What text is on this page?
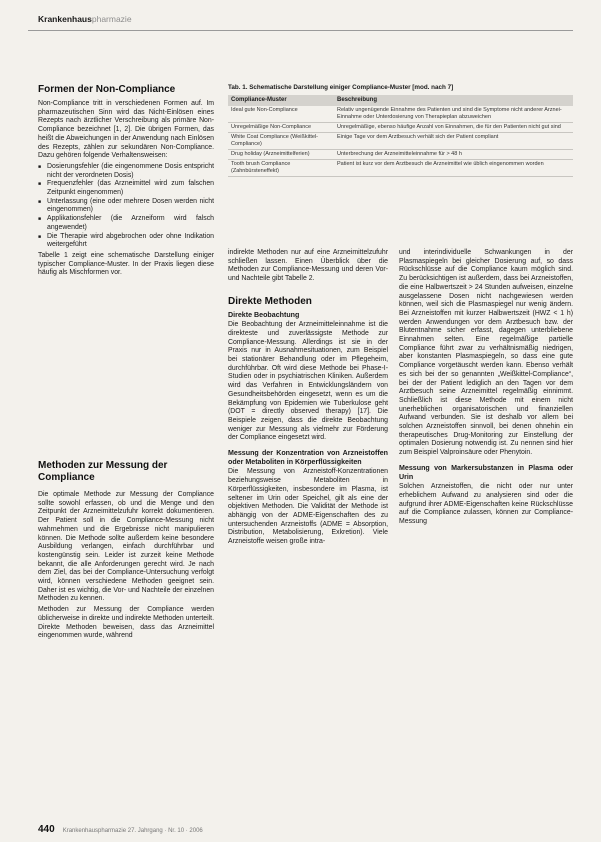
Krankenhauspharmazie
Formen der Non-Compliance

Non-Compliance tritt in verschiedenen Formen auf. Im pharmazeutischen Sinn wird das Nicht-Einlösen eines Rezepts nach ärztlicher Verschreibung als primäre Non-Compliance bezeichnet [1, 2]. Die übrigen Formen, das heißt die Abweichungen in der Anwendung nach Einlösen des Rezepts, zählen zur sekundären Non-Compliance. Dazu gehören folgende Verhaltensweisen:

■ Dosierungsfehler (die eingenommene Dosis entspricht nicht der verordneten Dosis)
■ Frequenzfehler (das Arzneimittel wird zum falschen Zeitpunkt eingenommen)
■ Unterlassung (eine oder mehrere Dosen werden nicht eingenommen)
■ Applikationsfehler (die Arzneiform wird falsch angewendet)
■ Die Therapie wird abgebrochen oder ohne Indikation weitergeführt

Tabelle 1 zeigt eine schematische Darstellung einiger typischer Compliance-Muster. In der Praxis liegen diese häufig als Mischformen vor.

Methoden zur Messung der Compliance

Die optimale Methode zur Messung der Compliance sollte sowohl erfassen, ob und die Menge und den Zeitpunkt der Arzneimittelzufuhr korrekt dokumentieren. Der Patient soll in die Compliance-Messung nicht wahrnehmen und die Ergebnisse nicht manipulieren können. Die Methode sollte außerdem keine besondere Ausbildung verlangen, einfach durchführbar und kostengünstig sein. Leider ist zurzeit keine Methode bekannt, die alle Anforderungen gerecht wird. Je nach dem Ziel, das bei der Compliance-Untersuchung verfolgt wird, können verschiedene Methoden geeignet sein. Daher ist es wichtig, die Vor- und Nachteile der einzelnen Methoden zu kennen.

Methoden zur Messung der Compliance werden üblicherweise in direkte und indirekte Methoden unterteilt. Direkte Methoden beweisen, dass das Arzneimittel eingenommen wurde, während

Tab. 1. Schematische Darstellung einiger Compliance-Muster [mod. nach 7]
Compliance-Muster	Beschreibung
Ideal gute Non-Compliance	Relativ ungenügende Einnahme des Patienten und sind die Symptome nicht anderer Arznei-Einnahme oder Unterdosierung von Therapieplan abzuweichen
Unregelmäßige Non-Compliance	Unregelmäßige, ebenso häufige Anzahl von Einnahmen, die für den Patienten nicht gut sind
White Coat Compliance (Weißkittel-Compliance)	Einige Tage vor dem Arztbesuch verhält sich der Patient compliant
Drug holiday (Arzneimittelferien)	Unterbrechung der Arzneimitteleinnahme für > 48 h
Tooth brush Compliance (Zahnbürsteneffekt)	Patient ist kurz vor dem Arztbesuch die Arzneimittel wie üblich eingenommen worden

indirekte Methoden nur auf eine Arzneimittelzufuhr schließen lassen. Einen Überblick über die Methoden zur Compliance-Messung und deren Vor- und Nachteile gibt Tabelle 2.

Direkte Methoden
Direkte Beobachtung

Die Beobachtung der Arzneimitteleinnahme ist die direkteste und zuverlässigste Methode zur Compliance-Messung. Allerdings ist sie in der Praxis nur in Ausnahmesituationen, zum Beispiel bei stationärer Behandlung oder im Pflegeheim, durchführbar. Oft wird diese Methode bei Phase-I-Studien oder in psychiatrischen Kliniken. Außerdem wird das Verfahren in Entwicklungsländern von Gesundheitsbehörden eingesetzt, wenn es um die Bekämpfung von Epidemien wie Tuberkulose geht (DOT = directly observed therapy) [17]. Die Beispiele zeigen, dass die direkte Beobachtung weniger zur Messung als vielmehr zur Förderung der Compliance eingesetzt wird.

Messung der Konzentration von Arzneistoffen oder Metaboliten in Körperflüssigkeiten

Die Messung von Arzneistoff-Konzentrationen beziehungsweise Metaboliten in Körperflüssigkeiten, insbesondere im Plasma, ist seltener im Urin oder Speichel, gilt als eine der objektiven Methoden. Die Validität der Methode ist abhängig von der ADME-Eigenschaften des zu untersuchenden Arzneistoffs (ADME = Absorption, Distribution, Metabolisierung, Exkretion). Viele Arzneistoffe weisen große intra-

und interindividuelle Schwankungen in der Plasmaspiegeln bei gleicher Dosierung auf, so dass Rückschlüsse auf die Compliance kaum möglich sind. Zu berücksichtigen ist außerdem, dass bei Arzneistoffen, die eine Halbwertszeit > 24 Stunden aufweisen, einzelne ausgelassene Dosen nicht nachgewiesen werden können, weil sich die Plasmaspiegel nur wenig ändern. Bei Arzneistoffen mit kurzer Halbwertszeit (HWZ < 1 h) werden Anwendungen vor dem Arztbesuch bzw. der Blutentnahme sicher erfasst, dagegen unterbliebene Einnahmen selten. Eine regelmäßige partielle Compliance führt zwar zu verhältnismäßig niedrigen, aber konstanten Plasmaspiegeln, so dass eine gute Compliance vorgetäuscht werden kann. Ebenso verhält es sich bei der so genannten „Weißkittel-Compliance“, bei der der Patient lediglich an den Tagen vor dem Arztbesuch seine Arzneimittel regelmäßig einnimmt. Schließlich ist diese Methode mit einem nicht unerheblichen organisatorischen und finanziellen Aufwand verbunden. Sie ist deshalb vor allem bei solchen Arzneistoffen sinnvoll, bei denen ohnehin ein therapeutisches Drug-Monitoring zur Einstellung der optimalen Dosierung notwendig ist. Zu nennen sind hier zum Beispiel Valproinsäure oder Phenytoin.

Messung von Markersubstanzen in Plasma oder Urin

Solchen Arzneistoffen, die nicht oder nur unter erheblichem Aufwand zu analysieren sind oder die aufgrund ihrer ADME-Eigenschaften keine Rückschlüsse auf die Compliance zulassen, können zur Compliance-Messung

440 Krankenhauspharmazie 27. Jahrgang · Nr. 10 · 2006
